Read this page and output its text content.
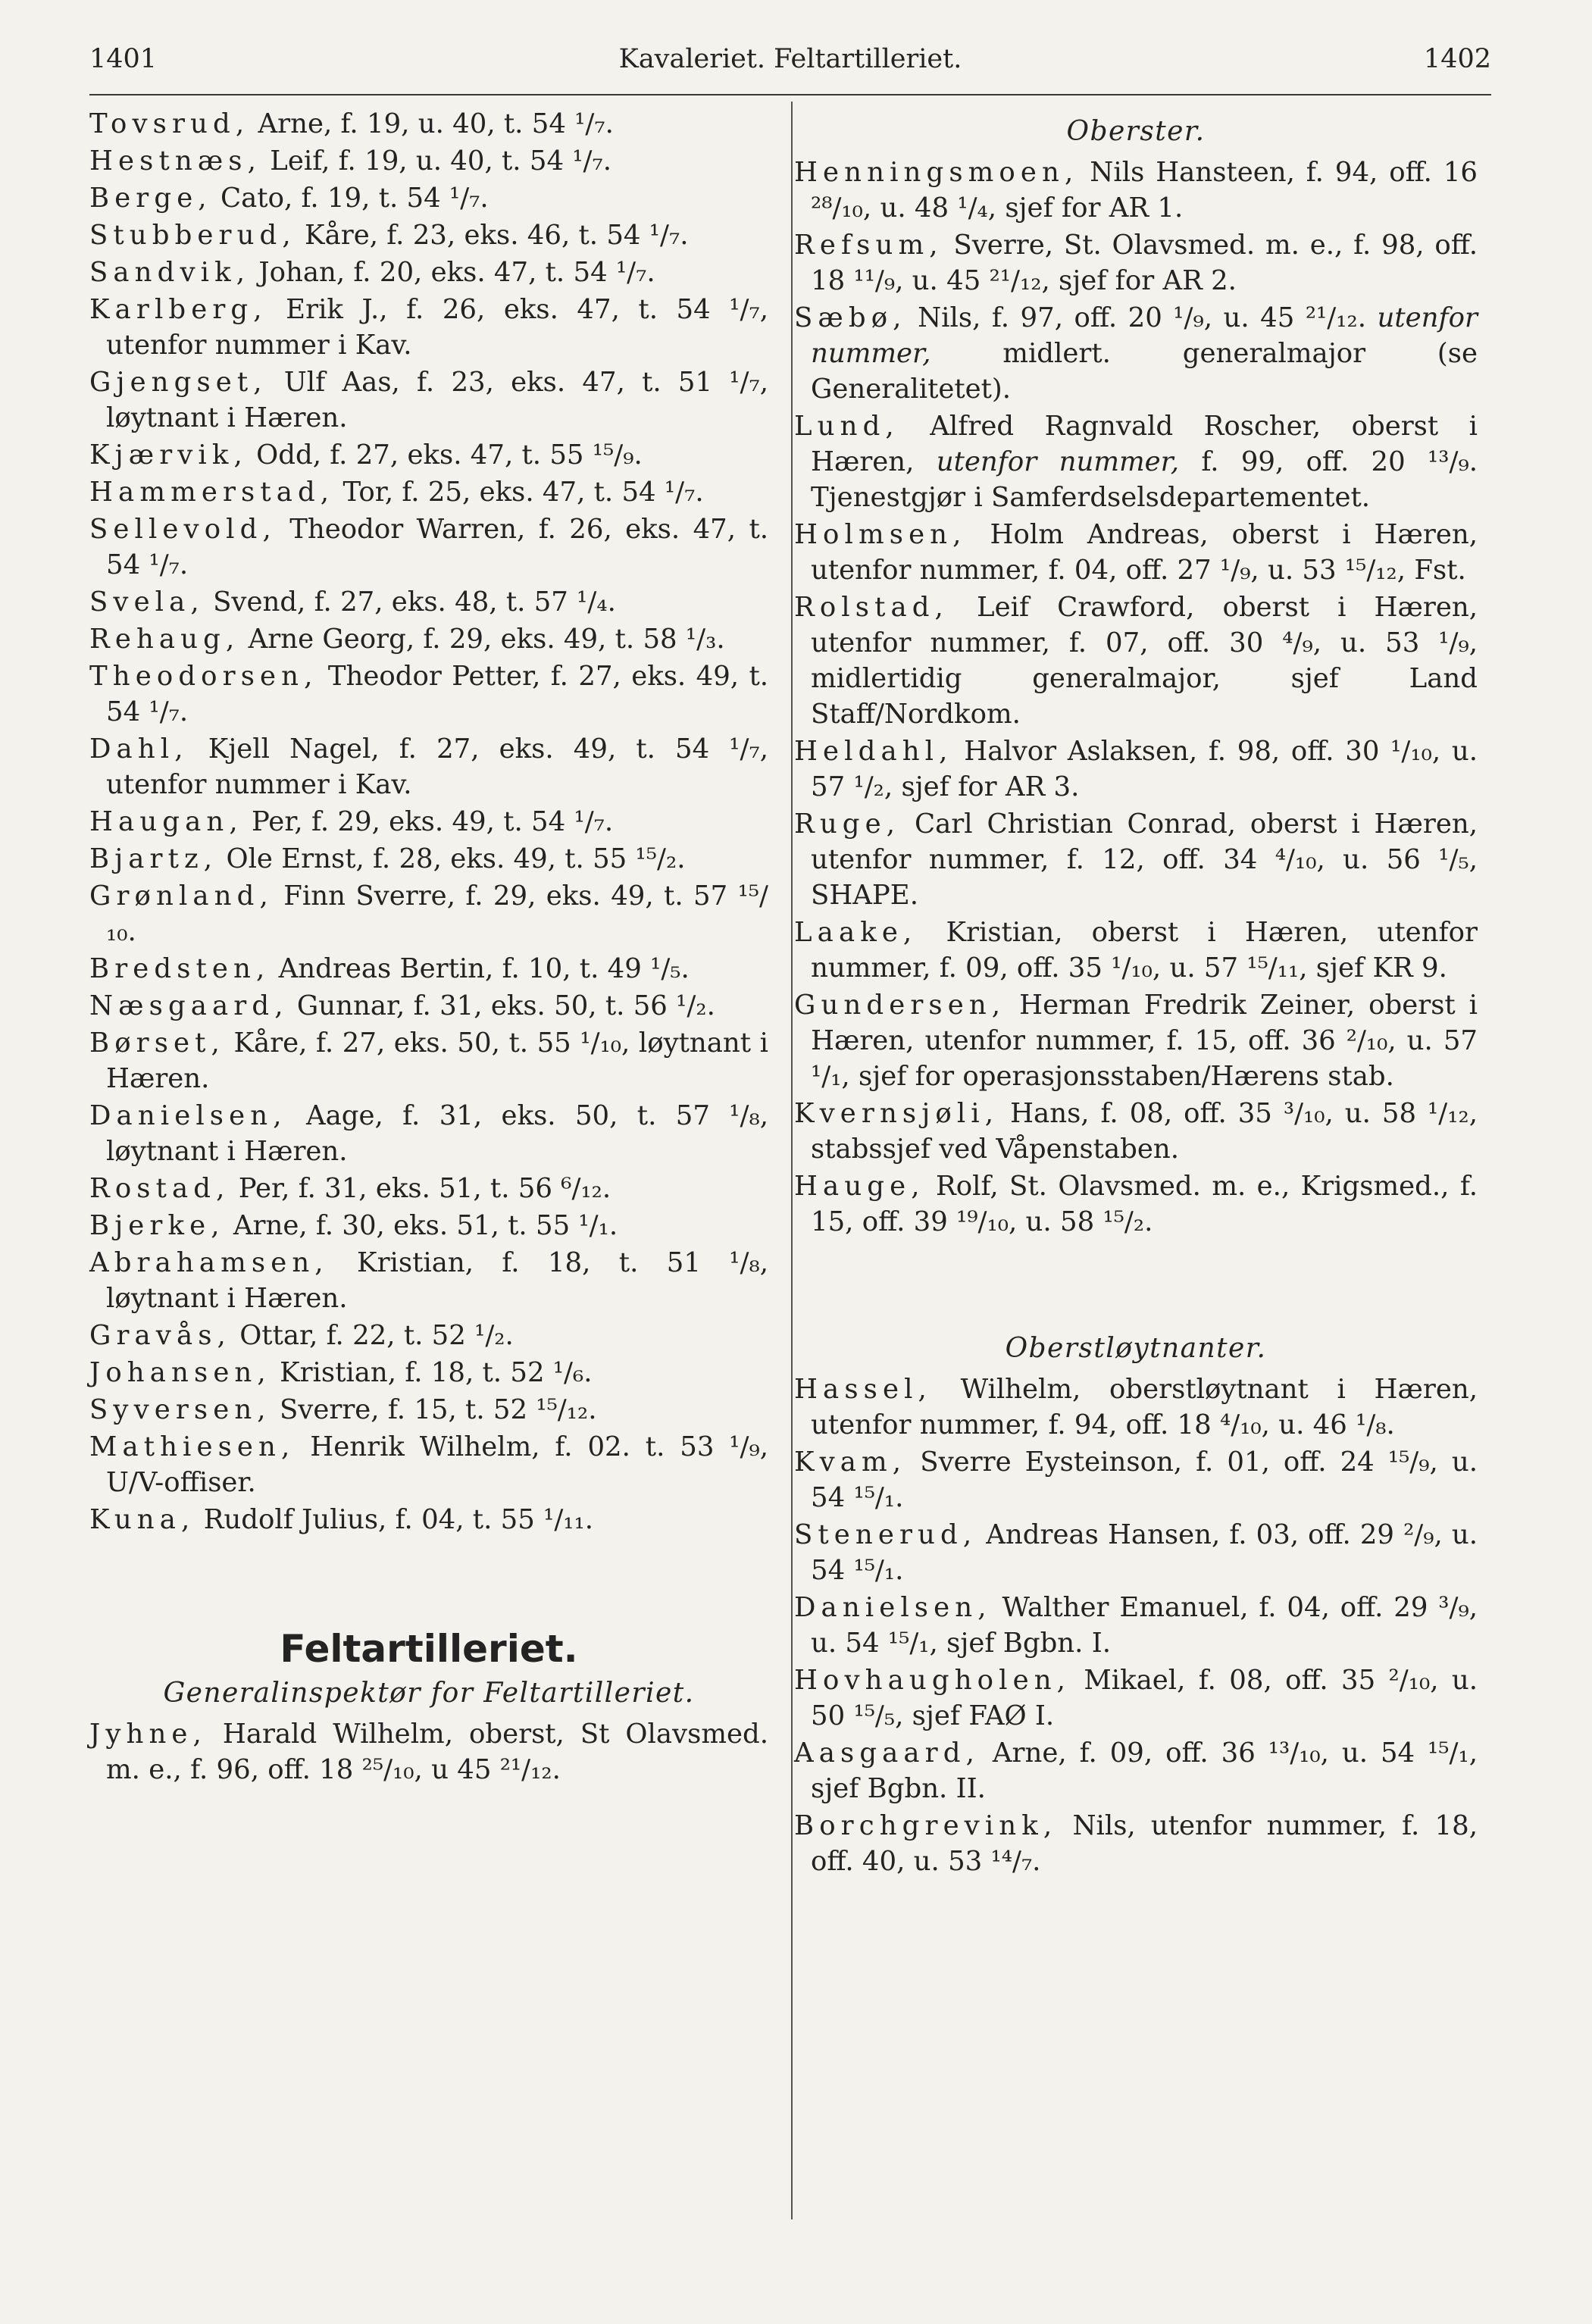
1401	Kavaleriet. Feltartilleriet.	1402
Tovsrud, Arne, f. 19, u. 40, t. 54 ¹/₇.
Hestnæs, Leif, f. 19, u. 40, t. 54 ¹/₇.
Berge, Cato, f. 19, t. 54 ¹/₇.
Stubberud, Kåre, f. 23, eks. 46, t. 54 ¹/₇.
Sandvik, Johan, f. 20, eks. 47, t. 54 ¹/₇.
Karlberg, Erik J., f. 26, eks. 47, t. 54 ¹/₇, utenfor nummer i Kav.
Gjengset, Ulf Aas, f. 23, eks. 47, t. 51 ¹/₇, løytnant i Hæren.
Kjærvik, Odd, f. 27, eks. 47, t. 55 ¹⁵/₉.
Hammerstad, Tor, f. 25, eks. 47, t. 54 ¹/₇.
Sellevold, Theodor Warren, f. 26, eks. 47, t. 54 ¹/₇.
Svela, Svend, f. 27, eks. 48, t. 57 ¹/₄.
Rehaug, Arne Georg, f. 29, eks. 49, t. 58 ¹/₃.
Theodorsen, Theodor Petter, f. 27, eks. 49, t. 54 ¹/₇.
Dahl, Kjell Nagel, f. 27, eks. 49, t. 54 ¹/₇, utenfor nummer i Kav.
Haugan, Per, f. 29, eks. 49, t. 54 ¹/₇.
Bjartz, Ole Ernst, f. 28, eks. 49, t. 55 ¹⁵/₂.
Grønland, Finn Sverre, f. 29, eks. 49, t. 57 ¹⁵/₁₀.
Bredsten, Andreas Bertin, f. 10, t. 49 ¹/₅.
Næsgaard, Gunnar, f. 31, eks. 50, t. 56 ¹/₂.
Børset, Kåre, f. 27, eks. 50, t. 55 ¹/₁₀, løytnant i Hæren.
Danielsen, Aage, f. 31, eks. 50, t. 57 ¹/₈, løytnant i Hæren.
Rostad, Per, f. 31, eks. 51, t. 56 ⁶/₁₂.
Bjerke, Arne, f. 30, eks. 51, t. 55 ¹/₁.
Abrahamsen, Kristian, f. 18, t. 51 ¹/₈, løytnant i Hæren.
Gravås, Ottar, f. 22, t. 52 ¹/₂.
Johansen, Kristian, f. 18, t. 52 ¹/₆.
Syversen, Sverre, f. 15, t. 52 ¹⁵/₁₂.
Mathiesen, Henrik Wilhelm, f. 02. t. 53 ¹/₉, U/V-offiser.
Kuna, Rudolf Julius, f. 04, t. 55 ¹/₁₁.
Feltartilleriet.
Generalinspektør for Feltartilleriet.
Jyhne, Harald Wilhelm, oberst, St Olavsmed. m. e., f. 96, off. 18 ²⁵/₁₀, u 45 ²¹/₁₂.
Oberster.
Henningsmoen, Nils Hansteen, f. 94, off. 16 ²⁸/₁₀, u. 48 ¹/₄, sjef for AR 1.
Refsum, Sverre, St. Olavsmed. m. e., f. 98, off. 18 ¹¹/₉, u. 45 ²¹/₁₂, sjef for AR 2.
Sæbø, Nils, f. 97, off. 20 ¹/₉, u. 45 ²¹/₁₂. utenfor nummer, midlert. generalmajor (se Generalitetet).
Lund, Alfred Ragnvald Roscher, oberst i Hæren, utenfor nummer, f. 99, off. 20 ¹³/₉. Tjenestgjør i Samferdselsdepartementet.
Holmsen, Holm Andreas, oberst i Hæren, utenfor nummer, f. 04, off. 27 ¹/₉, u. 53 ¹⁵/₁₂, Fst.
Rolstad, Leif Crawford, oberst i Hæren, utenfor nummer, f. 07, off. 30 ⁴/₉, u. 53 ¹/₉, midlertidig generalmajor, sjef Land Staff/Nordkom.
Heldahl, Halvor Aslaksen, f. 98, off. 30 ¹/₁₀, u. 57 ¹/₂, sjef for AR 3.
Ruge, Carl Christian Conrad, oberst i Hæren, utenfor nummer, f. 12, off. 34 ⁴/₁₀, u. 56 ¹/₅, SHAPE.
Laake, Kristian, oberst i Hæren, utenfor nummer, f. 09, off. 35 ¹/₁₀, u. 57 ¹⁵/₁₁, sjef KR 9.
Gundersen, Herman Fredrik Zeiner, oberst i Hæren, utenfor nummer, f. 15, off. 36 ²/₁₀, u. 57 ¹/₁, sjef for operasjonsstaben/Hærens stab.
Kvernsjøli, Hans, f. 08, off. 35 ³/₁₀, u. 58 ¹/₁₂, stabssjef ved Våpenstaben.
Hauge, Rolf, St. Olavsmed. m. e., Krigsmed., f. 15, off. 39 ¹⁹/₁₀, u. 58 ¹⁵/₂.
Oberstløytnanter.
Hassel, Wilhelm, oberstløytnant i Hæren, utenfor nummer, f. 94, off. 18 ⁴/₁₀, u. 46 ¹/₈.
Kvam, Sverre Eysteinson, f. 01, off. 24 ¹⁵/₉, u. 54 ¹⁵/₁.
Stenerud, Andreas Hansen, f. 03, off. 29 ²/₉, u. 54 ¹⁵/₁.
Danielsen, Walther Emanuel, f. 04, off. 29 ³/₉, u. 54 ¹⁵/₁, sjef Bgbn. I.
Hovhaugholen, Mikael, f. 08, off. 35 ²/₁₀, u. 50 ¹⁵/₅, sjef FAØ I.
Aasgaard, Arne, f. 09, off. 36 ¹³/₁₀, u. 54 ¹⁵/₁, sjef Bgbn. II.
Borchgrevink, Nils, utenfor nummer, f. 18, off. 40, u. 53 ¹⁴/₇.
